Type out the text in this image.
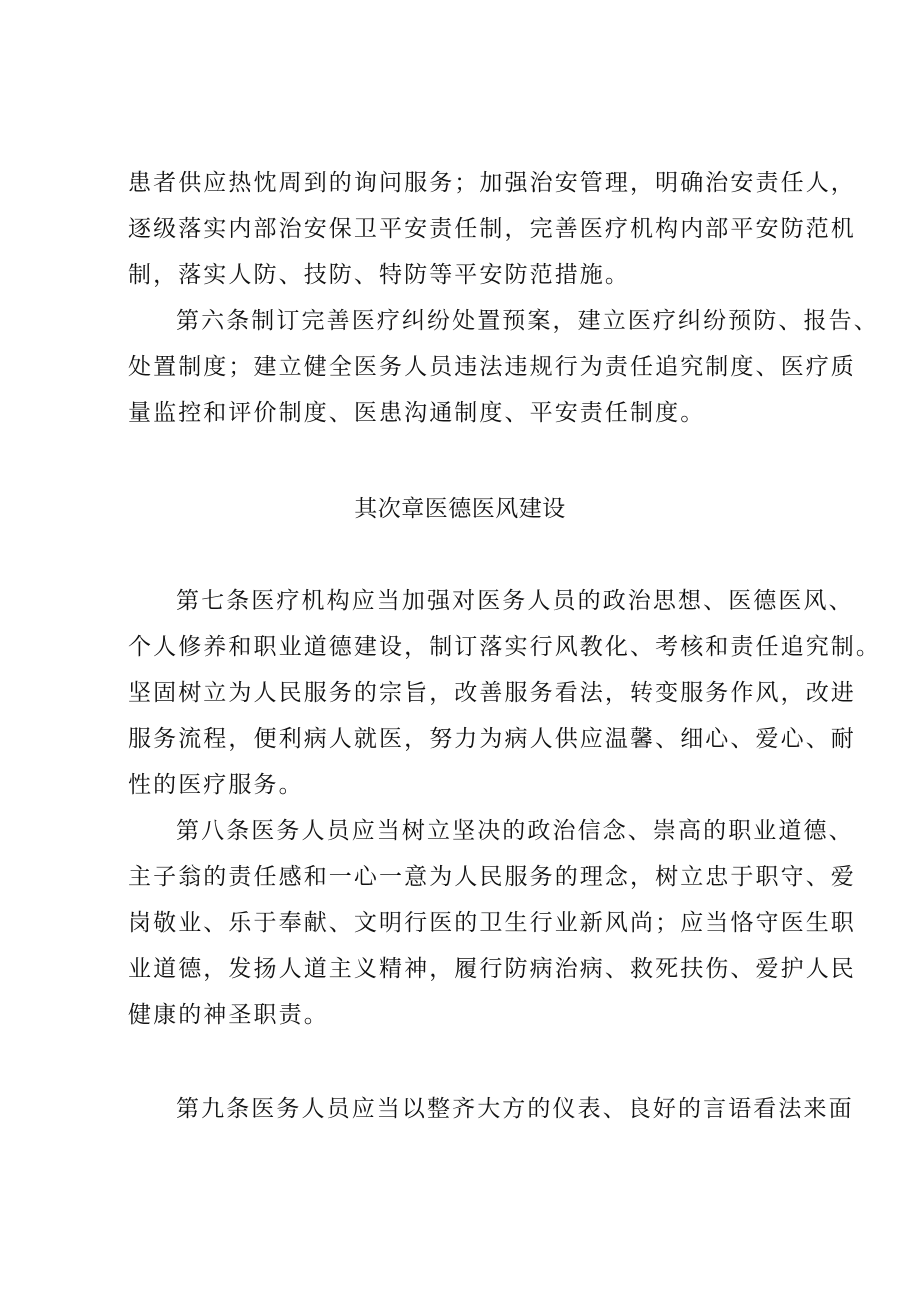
患者供应热忱周到的询问服务；加强治安管理，明确治安责任人，
逐级落实内部治安保卫平安责任制，完善医疗机构内部平安防范机
制，落实人防、技防、特防等平安防范措施。
第六条制订完善医疗纠纷处置预案，建立医疗纠纷预防、报告、
处置制度；建立健全医务人员违法违规行为责任追究制度、医疗质
量监控和评价制度、医患沟通制度、平安责任制度。
其次章医德医风建设
第七条医疗机构应当加强对医务人员的政治思想、医德医风、
个人修养和职业道德建设，制订落实行风教化、考核和责任追究制。
坚固树立为人民服务的宗旨，改善服务看法，转变服务作风，改进
服务流程，便利病人就医，努力为病人供应温馨、细心、爱心、耐
性的医疗服务。
第八条医务人员应当树立坚决的政治信念、崇高的职业道德、
主子翁的责任感和一心一意为人民服务的理念，树立忠于职守、爱
岗敬业、乐于奉献、文明行医的卫生行业新风尚；应当恪守医生职
业道德，发扬人道主义精神，履行防病治病、救死扶伤、爱护人民
健康的神圣职责。
第九条医务人员应当以整齐大方的仪表、良好的言语看法来面
